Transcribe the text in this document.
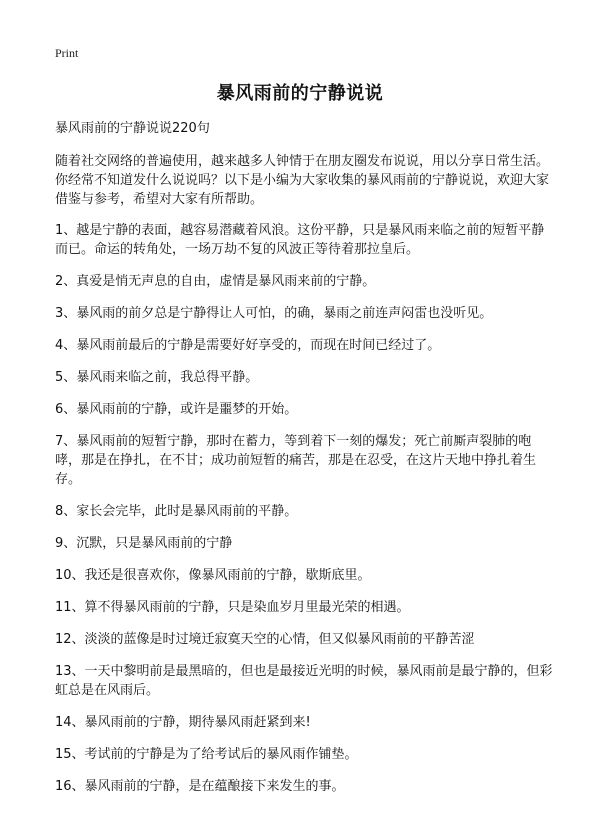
Print
暴风雨前的宁静说说

暴风雨前的宁静说说220句

随着社交网络的普遍使用，越来越多人钟情于在朋友圈发布说说，用以分享日常生活。你经常不知道发什么说说吗？以下是小编为大家收集的暴风雨前的宁静说说，欢迎大家借鉴与参考，希望对大家有所帮助。

1、越是宁静的表面，越容易潜藏着风浪。这份平静，只是暴风雨来临之前的短暂平静而已。命运的转角处，一场万劫不复的风波正等待着那拉皇后。

2、真爱是悄无声息的自由，虚情是暴风雨来前的宁静。

3、暴风雨的前夕总是宁静得让人可怕，的确，暴雨之前连声闷雷也没听见。

4、暴风雨前最后的宁静是需要好好享受的，而现在时间已经过了。

5、暴风雨来临之前，我总得平静。

6、暴风雨前的宁静，或许是噩梦的开始。

7、暴风雨前的短暂宁静，那时在蓄力，等到着下一刻的爆发；死亡前厮声裂肺的咆哮，那是在挣扎，在不甘；成功前短暂的痛苦，那是在忍受，在这片天地中挣扎着生存。

8、家长会完毕，此时是暴风雨前的平静。

9、沉默，只是暴风雨前的宁静

10、我还是很喜欢你，像暴风雨前的宁静，歇斯底里。

11、算不得暴风雨前的宁静，只是染血岁月里最光荣的相遇。

12、淡淡的蓝像是时过境迁寂寞天空的心情，但又似暴风雨前的平静苦涩

13、一天中黎明前是最黑暗的，但也是最接近光明的时候，暴风雨前是最宁静的，但彩虹总是在风雨后。

14、暴风雨前的宁静，期待暴风雨赶紧到来!

15、考试前的宁静是为了给考试后的暴风雨作铺垫。

16、暴风雨前的宁静，是在蕴酿接下来发生的事。
